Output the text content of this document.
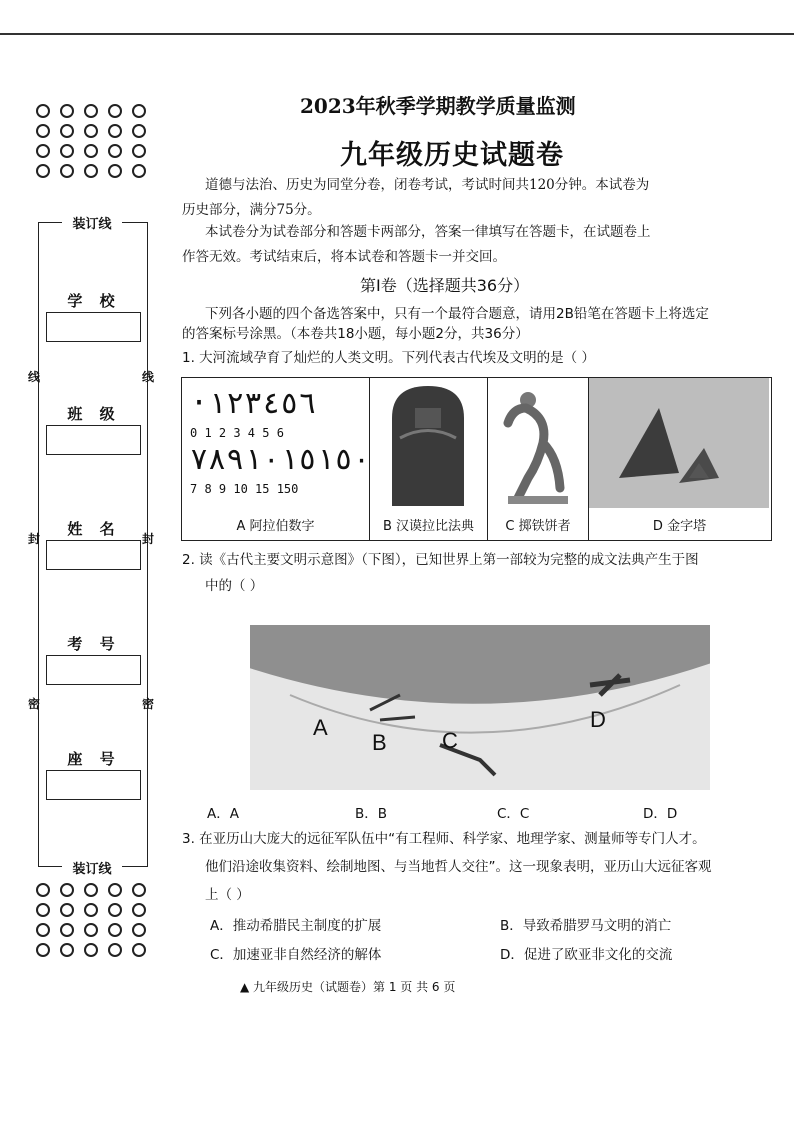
装订线
装订线
学 校
班 级
姓 名
考 号
座 号
线	线
封	封
密	密
2023年秋季学期教学质量监测
九年级历史试题卷
道德与法治、历史为同堂分卷，闭卷考试，考试时间共120分钟。本试卷为
历史部分，满分75分。
本试卷分为试卷部分和答题卡两部分，答案一律填写在答题卡，在试题卷上
作答无效。考试结束后，将本试卷和答题卡一并交回。
第Ⅰ卷（选择题共36分）
下列各小题的四个备选答案中，只有一个最符合题意，请用2B铅笔在答题卡上将选定
的答案标号涂黑。（本卷共18小题，每小题2分，共36分）
1. 大河流域孕育了灿烂的人类文明。下列代表古代埃及文明的是（ ）
·١٢٣٤٥٦
0 1 2 3 4 5 6
٧٨٩١٠١٥١٥٠
7 8 9 10 15 150
A 阿拉伯数字	B 汉谟拉比法典	C 掷铁饼者	D 金字塔
2. 读《古代主要文明示意图》（下图），已知世界上第一部较为完整的成文法典产生于图
中的（ ）
A
B	C
D
A．A	B．B	C．C	D．D
3. 在亚历山大庞大的远征军队伍中“有工程师、科学家、地理学家、测量师等专门人才。
他们沿途收集资料、绘制地图、与当地哲人交往”。这一现象表明，亚历山大远征客观
上（ ）
A．推动希腊民主制度的扩展	B．导致希腊罗马文明的消亡
C．加速亚非自然经济的解体	D．促进了欧亚非文化的交流
▲ 九年级历史（试题卷）第 1 页 共 6 页
